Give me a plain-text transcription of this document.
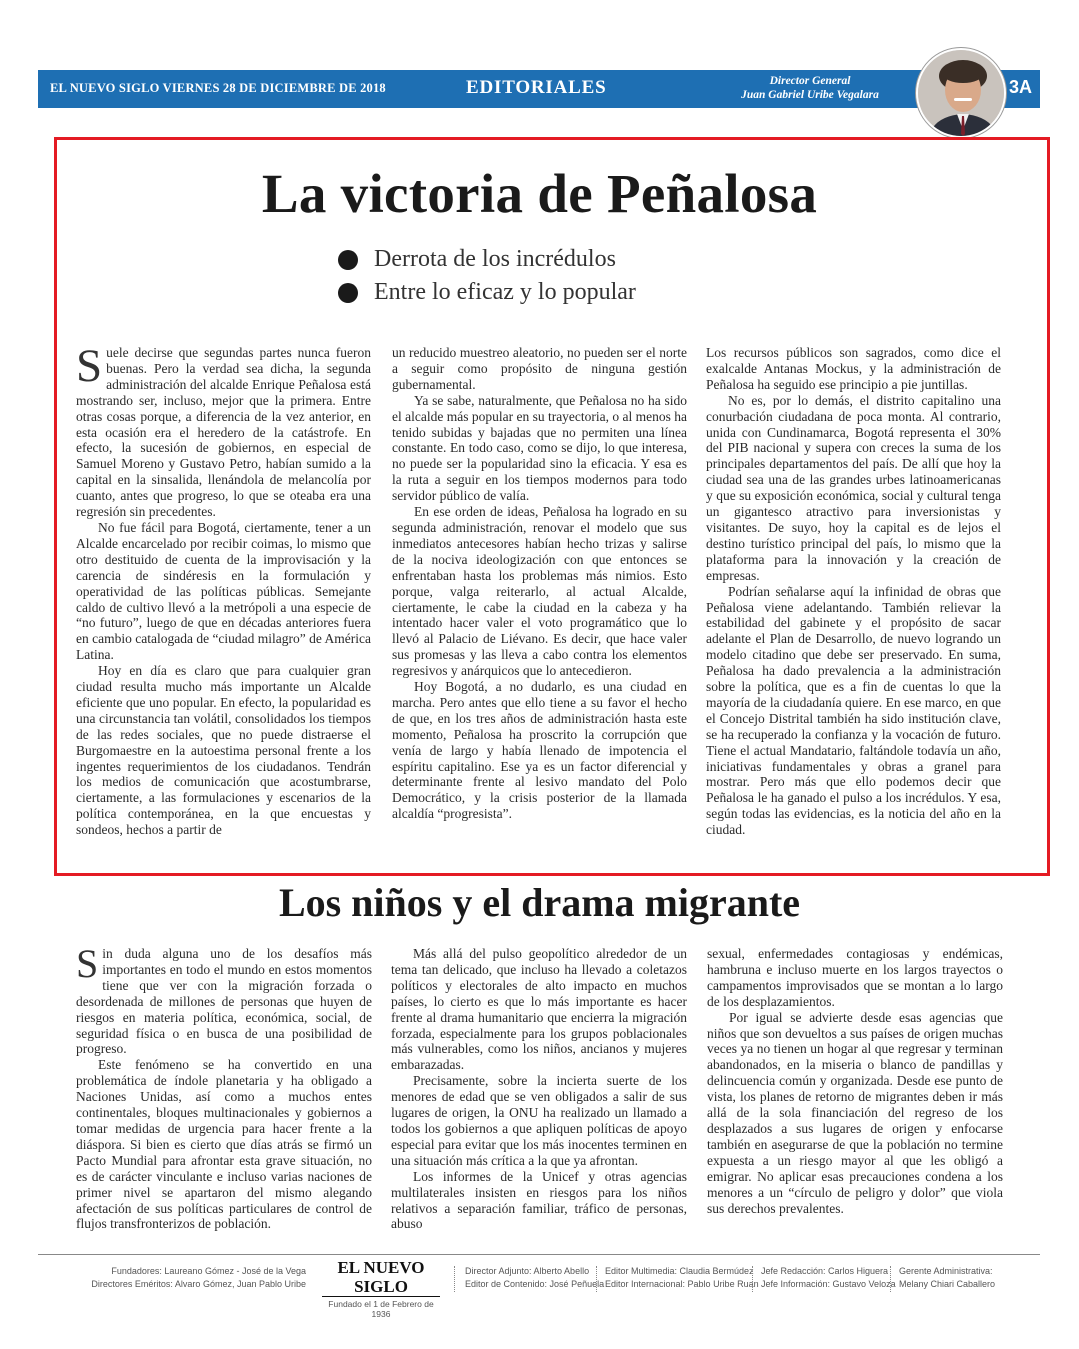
EL NUEVO SIGLO VIERNES 28 DE DICIEMBRE DE 2018	EDITORIALES	Director General
Juan Gabriel Uribe Vegalara	3A
La victoria de Peñalosa
Derrota de los incrédulos
Entre lo eficaz y lo popular

Suele decirse que segundas partes nunca fueron buenas. Pero la verdad sea dicha, la segunda administración del alcalde Enrique Peñalosa está mostrando ser, incluso, mejor que la primera. Entre otras cosas porque, a diferencia de la vez anterior, en esta ocasión era el heredero de la catástrofe. En efecto, la sucesión de gobiernos, en especial de Samuel Moreno y Gustavo Petro, habían sumido a la capital en la sinsalida, llenándola de melancolía por cuanto, antes que progreso, lo que se oteaba era una regresión sin precedentes.

No fue fácil para Bogotá, ciertamente, tener a un Alcalde encarcelado por recibir coimas, lo mismo que otro destituido de cuenta de la improvisación y la carencia de sindéresis en la formulación y operatividad de las políticas públicas. Semejante caldo de cultivo llevó a la metrópoli a una especie de “no futuro”, luego de que en décadas anteriores fuera en cambio catalogada de “ciudad milagro” de América Latina.

Hoy en día es claro que para cualquier gran ciudad resulta mucho más importante un Alcalde eficiente que uno popular. En efecto, la popularidad es una circunstancia tan volátil, consolidados los tiempos de las redes sociales, que no puede distraerse el Burgomaestre en la autoestima personal frente a los ingentes requerimientos de los ciudadanos. Tendrán los medios de comunicación que acostumbrarse, ciertamente, a las formulaciones y escenarios de la política contemporánea, en la que encuestas y sondeos, hechos a partir de

un reducido muestreo aleatorio, no pueden ser el norte a seguir como propósito de ninguna gestión gubernamental.

Ya se sabe, naturalmente, que Peñalosa no ha sido el alcalde más popular en su trayectoria, o al menos ha tenido subidas y bajadas que no permiten una línea constante. En todo caso, como se dijo, lo que interesa, no puede ser la popularidad sino la eficacia. Y esa es la ruta a seguir en los tiempos modernos para todo servidor público de valía.

En ese orden de ideas, Peñalosa ha logrado en su segunda administración, renovar el modelo que sus inmediatos antecesores habían hecho trizas y salirse de la nociva ideologización con que entonces se enfrentaban hasta los problemas más nimios. Esto porque, valga reiterarlo, al actual Alcalde, ciertamente, le cabe la ciudad en la cabeza y ha intentado hacer valer el voto programático que lo llevó al Palacio de Liévano. Es decir, que hace valer sus promesas y las lleva a cabo contra los elementos regresivos y anárquicos que lo antecedieron.

Hoy Bogotá, a no dudarlo, es una ciudad en marcha. Pero antes que ello tiene a su favor el hecho de que, en los tres años de administración hasta este momento, Peñalosa ha proscrito la corrupción que venía de largo y había llenado de impotencia el espíritu capitalino. Ese ya es un factor diferencial y determinante frente al lesivo mandato del Polo Democrático, y la crisis posterior de la llamada alcaldía “progresista”.

Los recursos públicos son sagrados, como dice el exalcalde Antanas Mockus, y la administración de Peñalosa ha seguido ese principio a pie juntillas.

No es, por lo demás, el distrito capitalino una conurbación ciudadana de poca monta. Al contrario, unida con Cundinamarca, Bogotá representa el 30% del PIB nacional y supera con creces la suma de los principales departamentos del país. De allí que hoy la ciudad sea una de las grandes urbes latinoamericanas y que su exposición económica, social y cultural tenga un gigantesco atractivo para inversionistas y visitantes. De suyo, hoy la capital es de lejos el destino turístico principal del país, lo mismo que la plataforma para la innovación y la creación de empresas.

Podrían señalarse aquí la infinidad de obras que Peñalosa viene adelantando. También relievar la estabilidad del gabinete y el propósito de sacar adelante el Plan de Desarrollo, de nuevo logrando un modelo citadino que debe ser preservado. En suma, Peñalosa ha dado prevalencia a la administración sobre la política, que es a fin de cuentas lo que la mayoría de la ciudadanía quiere. En ese marco, en que el Concejo Distrital también ha sido institución clave, se ha recuperado la confianza y la vocación de futuro. Tiene el actual Mandatario, faltándole todavía un año, iniciativas fundamentales y obras a granel para mostrar. Pero más que ello podemos decir que Peñalosa le ha ganado el pulso a los incrédulos. Y esa, según todas las evidencias, es la noticia del año en la ciudad.

Los niños y el drama migrante

Sin duda alguna uno de los desafíos más importantes en todo el mundo en estos momentos tiene que ver con la migración forzada o desordenada de millones de personas que huyen de riesgos en materia política, económica, social, de seguridad física o en busca de una posibilidad de progreso.

Este fenómeno se ha convertido en una problemática de índole planetaria y ha obligado a Naciones Unidas, así como a muchos entes continentales, bloques multinacionales y gobiernos a tomar medidas de urgencia para hacer frente a la diáspora. Si bien es cierto que días atrás se firmó un Pacto Mundial para afrontar esta grave situación, no es de carácter vinculante e incluso varias naciones de primer nivel se apartaron del mismo alegando afectación de sus políticas particulares de control de flujos transfronterizos de población.

Más allá del pulso geopolítico alrededor de un tema tan delicado, que incluso ha llevado a coletazos políticos y electorales de alto impacto en muchos países, lo cierto es que lo más importante es hacer frente al drama humanitario que encierra la migración forzada, especialmente para los grupos poblacionales más vulnerables, como los niños, ancianos y mujeres embarazadas.

Precisamente, sobre la incierta suerte de los menores de edad que se ven obligados a salir de sus lugares de origen, la ONU ha realizado un llamado a todos los gobiernos a que apliquen políticas de apoyo especial para evitar que los más inocentes terminen en una situación más crítica a la que ya afrontan.

Los informes de la Unicef y otras agencias multilaterales insisten en riesgos para los niños relativos a separación familiar, tráfico de personas, abuso

sexual, enfermedades contagiosas y endémicas, hambruna e incluso muerte en los largos trayectos o campamentos improvisados que se montan a lo largo de los desplazamientos.

Por igual se advierte desde esas agencias que niños que son devueltos a sus países de origen muchas veces ya no tienen un hogar al que regresar y terminan abandonados, en la miseria o blanco de pandillas y delincuencia común y organizada. Desde ese punto de vista, los planes de retorno de migrantes deben ir más allá de la sola financiación del regreso de los desplazados a sus lugares de origen y enfocarse también en asegurarse de que la población no termine expuesta a un riesgo mayor al que les obligó a emigrar. No aplicar esas precauciones condena a los menores a un “círculo de peligro y dolor” que viola sus derechos prevalentes.

Fundadores: Laureano Gómez - José de la Vega
Directores Eméritos: Alvaro Gómez, Juan Pablo Uribe
EL NUEVO SIGLO
Fundado el 1 de Febrero de 1936
Director Adjunto: Alberto Abello
Editor de Contenido: José Peñuela
Editor Multimedia: Claudia Bermúdez
Editor Internacional: Pablo Uribe Ruan
Jefe Redacción: Carlos Higuera
Jefe Información: Gustavo Veloza
Gerente Administrativa:
Melany Chiari Caballero
